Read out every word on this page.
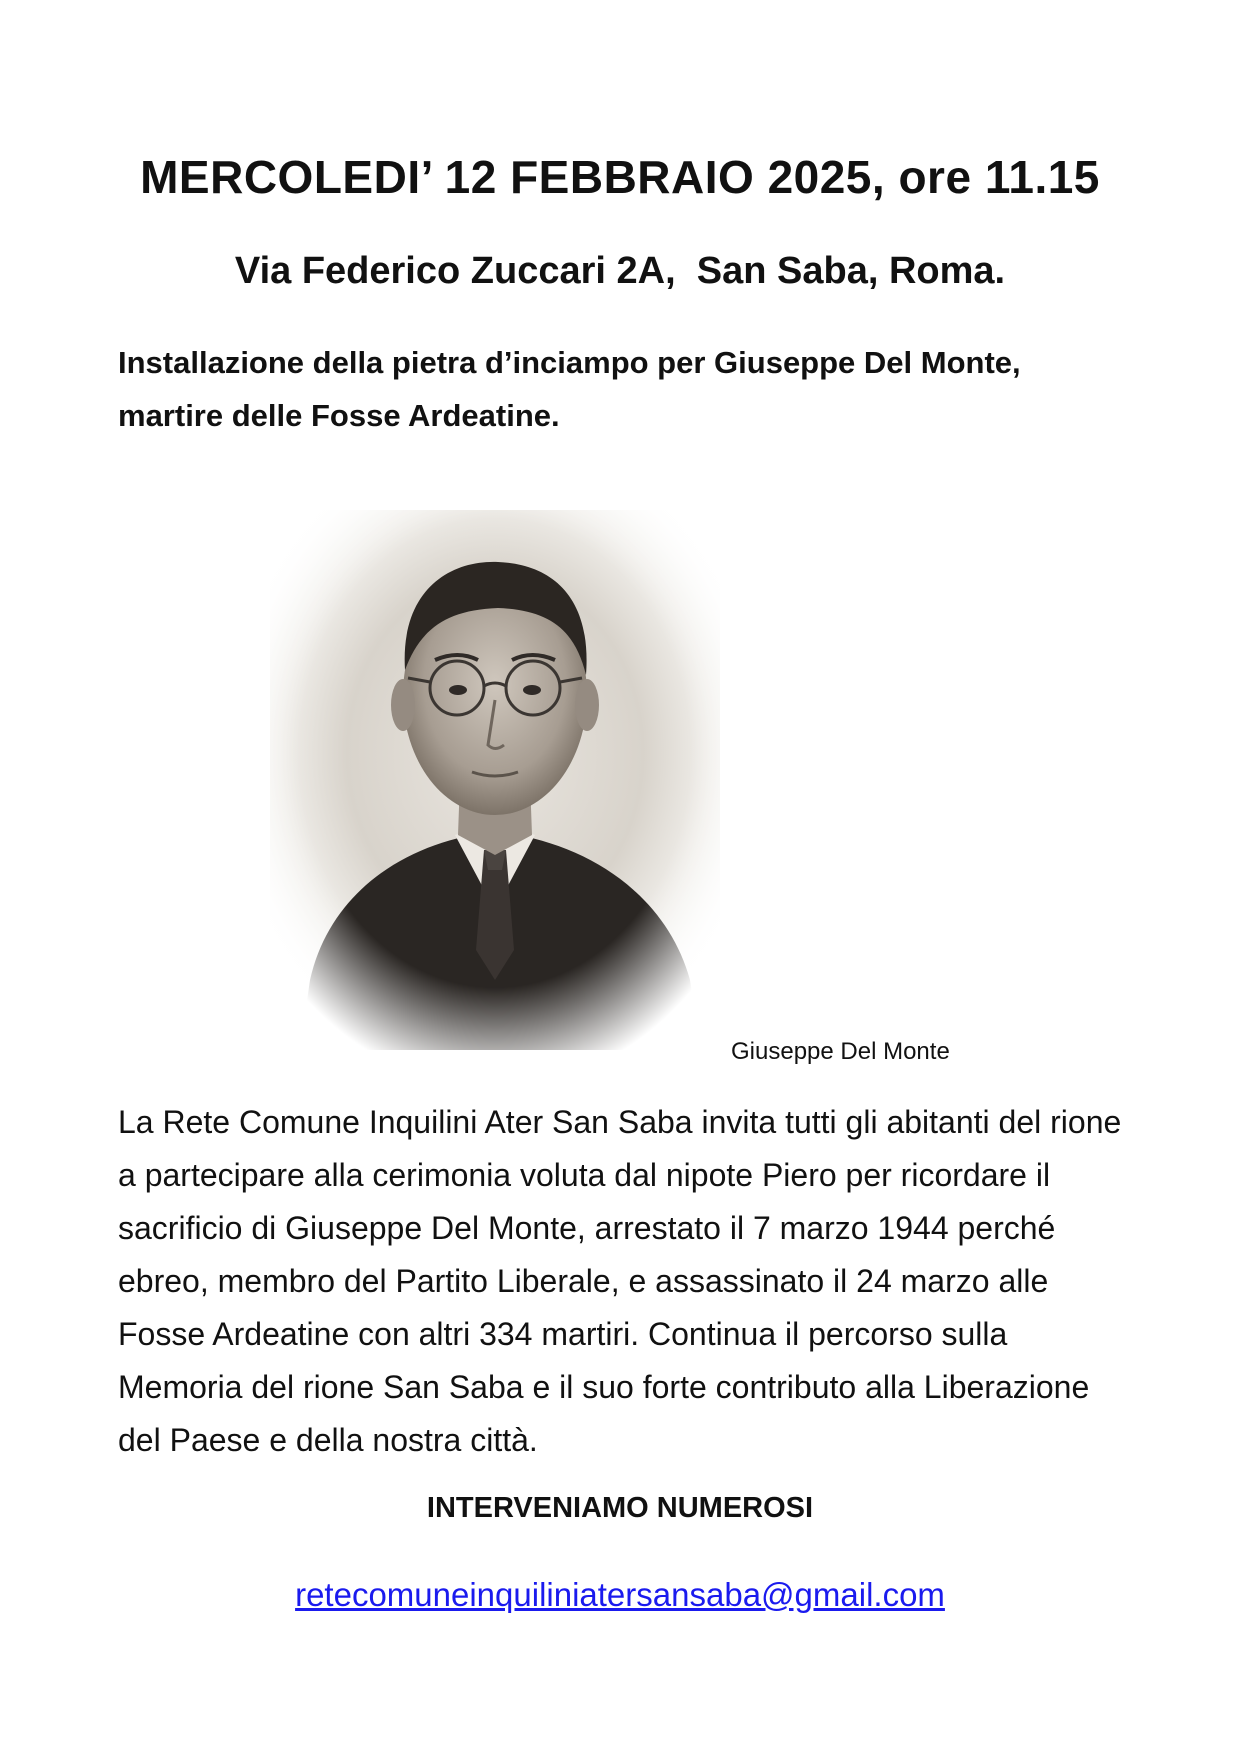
MERCOLEDI’ 12 FEBBRAIO 2025, ore 11.15
Via Federico Zuccari 2A,  San Saba, Roma.

Installazione della pietra d’inciampo per Giuseppe Del Monte, martire delle Fosse Ardeatine.

Giuseppe Del Monte

La Rete Comune Inquilini Ater San Saba invita tutti gli abitanti del rione a partecipare alla cerimonia voluta dal nipote Piero per ricordare il sacrificio di Giuseppe Del Monte, arrestato il 7 marzo 1944 perché ebreo, membro del Partito Liberale, e assassinato il 24 marzo alle Fosse Ardeatine con altri 334 martiri. Continua il percorso sulla Memoria del rione San Saba e il suo forte contributo alla Liberazione del Paese e della nostra città.

INTERVENIAMO NUMEROSI

retecomuneinquiliniatersansaba@gmail.com
